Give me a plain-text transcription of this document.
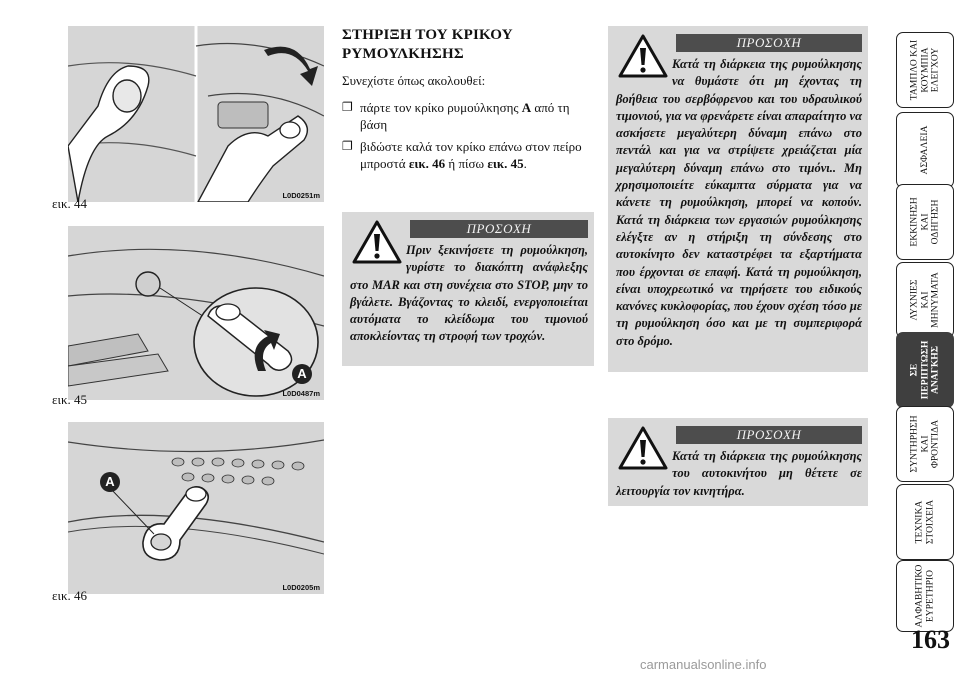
L0D0251m
εικ. 44
A
L0D0487m
εικ. 45
A
L0D0205m
εικ. 46
ΣΤΗΡΙΞΗ ΤΟΥ ΚΡΙΚΟΥ
ΡΥΜΟΥΛΚΗΣΗΣ
Συνεχίστε όπως ακολουθεί:
❐ πάρτε τον κρίκο ρυμούλκησης A από τη βάση
❐ βιδώστε καλά τον κρίκο επάνω στον πείρο μπροστά εικ. 46 ή πίσω εικ. 45.
ΠΡΟΣΟΧΗ
Πριν ξεκινήσετε τη ρυμούλκηση, γυρίστε το διακόπτη ανάφλεξης στο MAR και στη συνέχεια στο STOP, μην το βγάλετε. Βγάζοντας το κλειδί, ενεργοποιείται αυτόματα το κλείδωμα του τιμονιού αποκλείοντας τη στροφή των τροχών.
ΠΡΟΣΟΧΗ
Κατά τη διάρκεια της ρυμούλκησης να θυμάστε ότι μη έχοντας τη βοήθεια του σερβόφρενου και του υδραυλικού τιμονιού, για να φρενάρετε είναι απαραίτητο να ασκήσετε μεγαλύτερη δύναμη επάνω στο πεντάλ και για να στρίψετε χρειάζεται μία μεγαλύτερη δύναμη επάνω στο τιμόνι.. Μη χρησιμοποιείτε εύκαμπτα σύρματα για να κάνετε τη ρυμούλκηση, μπορεί να κοπούν. Κατά τη διάρκεια των εργασιών ρυμούλκησης ελέγξτε αν η στήριξη τη σύνδεσης στο αυτοκίνητο δεν καταστρέφει τα εξαρτήματα που έρχονται σε επαφή. Κατά τη ρυμούλκηση, είναι υποχρεωτικό να τηρήσετε του ειδικούς κανόνες κυκλοφορίας, που έχουν σχέση τόσο με τη ρυμούλκηση όσο και με τη συμπεριφορά στο δρόμο.
ΠΡΟΣΟΧΗ
Κατά τη διάρκεια της ρυμούλκησης του αυτοκινήτου μη θέτετε σε λειτουργία τον κινητήρα.
ΤΑΜΠΛΟ ΚΑΙ ΚΟΥΜΠΙΑ ΕΛΕΓΧΟΥ
ΑΣΦΑΛΕΙΑ
ΕΚΚΙΝΗΣΗ ΚΑΙ ΟΔΗΓΗΣΗ
ΛΥΧΝΙΕΣ ΚΑΙ ΜΗΝΥΜΑΤΑ
ΣΕ ΠΕΡΙΠΤΩΣΗ ΑΝΑΓΚΗΣ
ΣΥΝΤΗΡΗΣΗ ΚΑΙ ΦΡΟΝΤΙΔΑ
ΤΕΧΝΙΚΑ ΣΤΟΙΧΕΙΑ
ΑΛΦΑΒΗΤΙΚΟ ΕΥΡΕΤΗΡΙΟ
163
carmanualsonline.info
